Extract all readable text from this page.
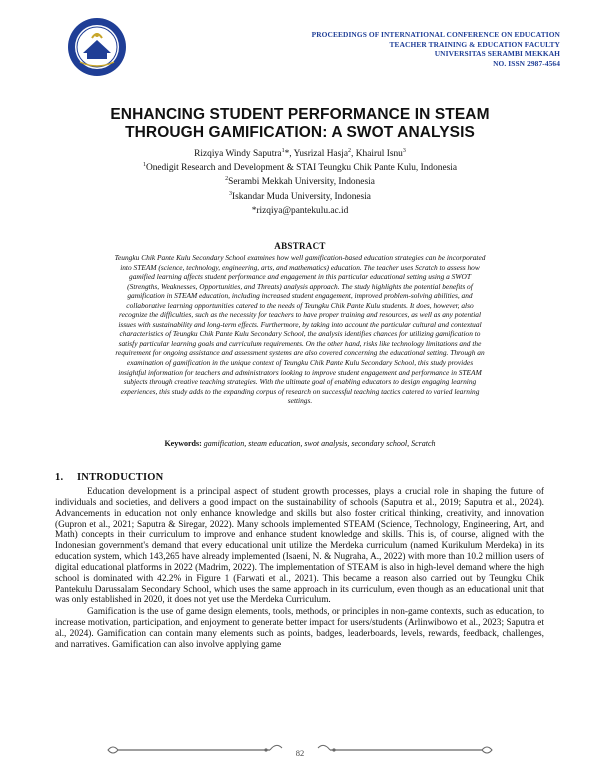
PROCEEDINGS OF INTERNATIONAL CONFERENCE ON EDUCATION
TEACHER TRAINING & EDUCATION FACULTY
UNIVERSITAS SERAMBI MEKKAH
NO. ISSN 2987-4564
ENHANCING STUDENT PERFORMANCE IN STEAM
THROUGH GAMIFICATION: A SWOT ANALYSIS
Rizqiya Windy Saputra$^1$*, Yusrizal Hasja$^2$, Khairul Isnu$^3$
$^1$Onedigit Research and Development & STAI Teungku Chik Pante Kulu, Indonesia
$^2$Serambi Mekkah University, Indonesia
$^3$Iskandar Muda University, Indonesia
*rizqiya@pantekulu.ac.id
ABSTRACT
Teungku Chik Pante Kulu Secondary School examines how well gamification-based education strategies can be incorporated
into STEAM (science, technology, engineering, arts, and mathematics) education. The teacher uses Scratch to assess how
gamified learning affects student performance and engagement in this particular educational setting using a SWOT
(Strengths, Weaknesses, Opportunities, and Threats) analysis approach. The study highlights the potential benefits of
gamification in STEAM education, including increased student engagement, improved problem-solving abilities, and
collaborative learning opportunities catered to the needs of Teungku Chik Pante Kulu students. It does, however, also
recognize the difficulties, such as the necessity for teachers to have proper training and resources, as well as any potential
issues with sustainability and long-term effects. Furthermore, by taking into account the particular cultural and contextual
characteristics of Teungku Chik Pante Kulu Secondary School, the analysis identifies chances for utilizing gamification to
satisfy particular learning goals and curriculum requirements. On the other hand, risks like technology limitations and the
requirement for ongoing assistance and assessment systems are also covered concerning the educational setting. Through an
examination of gamification in the unique context of Teungku Chik Pante Kulu Secondary School, this study provides
insightful information for teachers and administrators looking to improve student engagement and performance in STEAM
subjects through creative teaching strategies. With the ultimate goal of enabling educators to design engaging learning
experiences, this study adds to the expanding corpus of research on successful teaching tactics catered to varied learning
settings.
Keywords: gamification, steam education, swot analysis, secondary school, Scratch
1. INTRODUCTION

Education development is a principal aspect of student growth processes, plays a crucial role in shaping the future of individuals and societies, and delivers a good impact on the sustainability of schools (Saputra et al., 2019; Saputra et al., 2024). Advancements in education not only enhance knowledge and skills but also foster critical thinking, creativity, and innovation (Gupron et al., 2021; Saputra & Siregar, 2022). Many schools implemented STEAM (Science, Technology, Engineering, Art, and Math) concepts in their curriculum to improve and enhance student knowledge and skills. This is, of course, aligned with the Indonesian government's demand that every educational unit utilize the Merdeka curriculum (named Kurikulum Merdeka) in its education system, which 143,265 have already implemented (Isaeni, N. & Nugraha, A., 2022) with more than 10.2 million users of digital educational platforms in 2022 (Madrim, 2022). The implementation of STEAM is also in high-level demand where the high school is dominated with 42.2% in Figure 1 (Farwati et al., 2021). This became a reason also carried out by Teungku Chik Pantekulu Darussalam Secondary School, which uses the same approach in its curriculum, even though as an educational unit that was only established in 2020, it does not yet use the Merdeka Curriculum.

Gamification is the use of game design elements, tools, methods, or principles in non-game contexts, such as education, to increase motivation, participation, and enjoyment to generate better impact for users/students (Arlinwibowo et al., 2023; Saputra et al., 2024). Gamification can contain many elements such as points, badges, leaderboards, levels, rewards, feedback, challenges, and narratives. Gamification can also involve applying game

82
